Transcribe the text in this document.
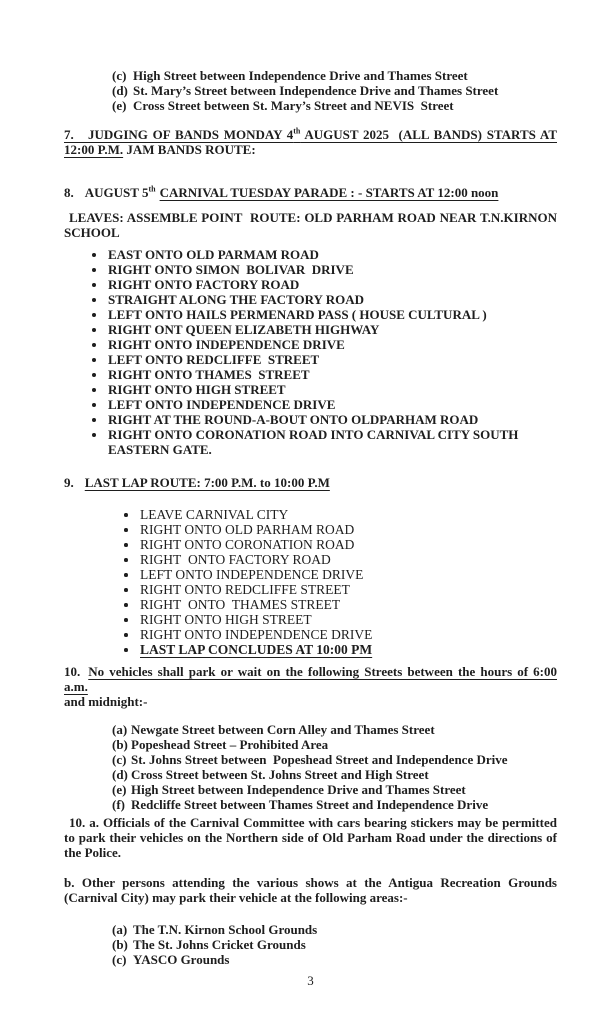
(c) High Street between Independence Drive and Thames Street
(d) St. Mary’s Street between Independence Drive and Thames Street
(e) Cross Street between St. Mary’s Street and NEVIS  Street
7.   JUDGING OF BANDS MONDAY 4th AUGUST 2025  (ALL BANDS) STARTS AT
12:00 P.M. JAM BANDS ROUTE:
8. AUGUST 5th CARNIVAL TUESDAY PARADE : - STARTS AT 12:00 noon
LEAVES: ASSEMBLE POINT  ROUTE: OLD PARHAM ROAD NEAR T.N.KIRNON
SCHOOL
EAST ONTO OLD PARMAM ROAD
RIGHT ONTO SIMON  BOLIVAR  DRIVE
RIGHT ONTO FACTORY ROAD
STRAIGHT ALONG THE FACTORY ROAD
LEFT ONTO HAILS PERMENARD PASS ( HOUSE CULTURAL )
RIGHT ONT QUEEN ELIZABETH HIGHWAY
RIGHT ONTO INDEPENDENCE DRIVE
LEFT ONTO REDCLIFFE  STREET
RIGHT ONTO THAMES  STREET
RIGHT ONTO HIGH STREET
LEFT ONTO INDEPENDENCE DRIVE
RIGHT AT THE ROUND-A-BOUT ONTO OLDPARHAM ROAD
RIGHT ONTO CORONATION ROAD INTO CARNIVAL CITY SOUTH
EASTERN GATE.
9. LAST LAP ROUTE: 7:00 P.M. to 10:00 P.M
LEAVE CARNIVAL CITY
RIGHT ONTO OLD PARHAM ROAD
RIGHT ONTO CORONATION ROAD
RIGHT  ONTO FACTORY ROAD
LEFT ONTO INDEPENDENCE DRIVE
RIGHT ONTO REDCLIFFE STREET
RIGHT  ONTO  THAMES STREET
RIGHT ONTO HIGH STREET
RIGHT ONTO INDEPENDENCE DRIVE
LAST LAP CONCLUDES AT 10:00 PM
10. No vehicles shall park or wait on the following Streets between the hours of 6:00 a.m.
and midnight:-
(a) Newgate Street between Corn Alley and Thames Street
(b) Popeshead Street – Prohibited Area
(c) St. Johns Street between  Popeshead Street and Independence Drive
(d) Cross Street between St. Johns Street and High Street
(e) High Street between Independence Drive and Thames Street
(f) Redcliffe Street between Thames Street and Independence Drive
10. a. Officials of the Carnival Committee with cars bearing stickers may be permitted
to park their vehicles on the Northern side of Old Parham Road under the directions of
the Police.
b. Other persons attending the various shows at the Antigua Recreation Grounds
(Carnival City) may park their vehicle at the following areas:-
(a) The T.N. Kirnon School Grounds
(b) The St. Johns Cricket Grounds
(c) YASCO Grounds
3
